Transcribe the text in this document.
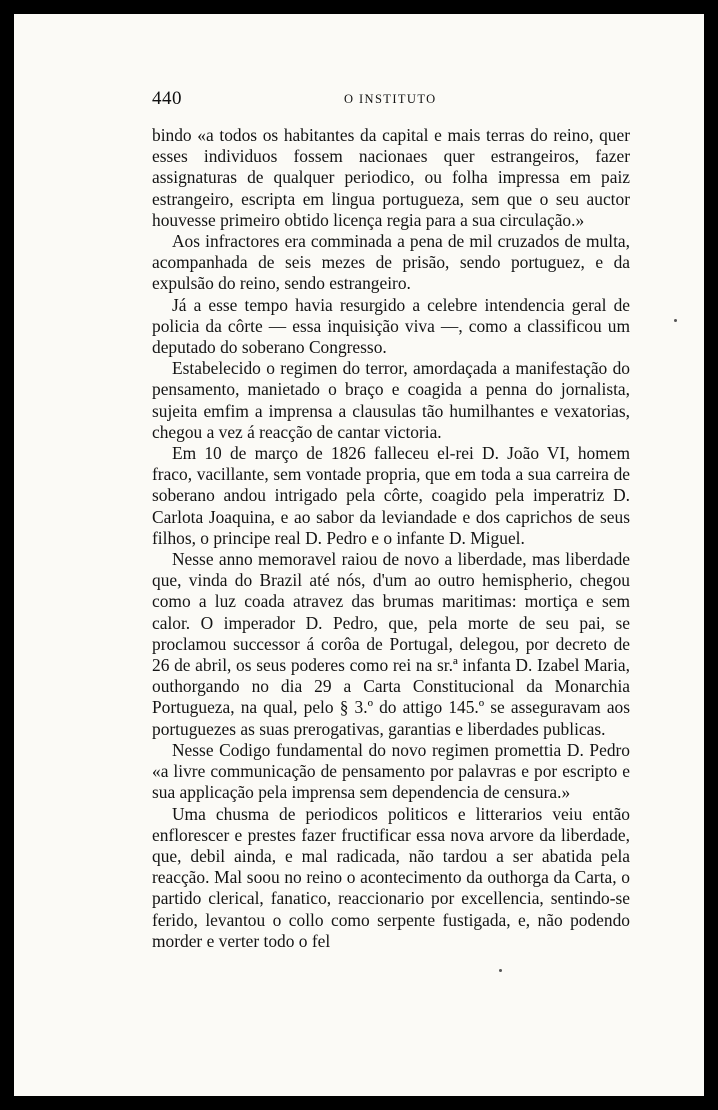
440	O INSTITUTO

bindo «a todos os habitantes da capital e mais terras do reino, quer esses individuos fossem nacionaes quer estrangeiros, fazer assignaturas de qualquer periodico, ou folha impressa em paiz estrangeiro, escripta em lingua portugueza, sem que o seu auctor houvesse primeiro obtido licença regia para a sua circulação.»

Aos infractores era comminada a pena de mil cruzados de multa, acompanhada de seis mezes de prisão, sendo portuguez, e da expulsão do reino, sendo estrangeiro.

Já a esse tempo havia resurgido a celebre intendencia geral de policia da côrte — essa inquisição viva —, como a classificou um deputado do soberano Congresso.

Estabelecido o regimen do terror, amordaçada a manifestação do pensamento, manietado o braço e coagida a penna do jornalista, sujeita emfim a imprensa a clausulas tão humilhantes e vexatorias, chegou a vez á reacção de cantar victoria.

Em 10 de março de 1826 falleceu el-rei D. João VI, homem fraco, vacillante, sem vontade propria, que em toda a sua carreira de soberano andou intrigado pela côrte, coagido pela imperatriz D. Carlota Joaquina, e ao sabor da leviandade e dos caprichos de seus filhos, o principe real D. Pedro e o infante D. Miguel.

Nesse anno memoravel raiou de novo a liberdade, mas liberdade que, vinda do Brazil até nós, d'um ao outro hemispherio, chegou como a luz coada atravez das brumas maritimas: mortiça e sem calor. O imperador D. Pedro, que, pela morte de seu pai, se proclamou successor á corôa de Portugal, delegou, por decreto de 26 de abril, os seus poderes como rei na sr.ª infanta D. Izabel Maria, outhorgando no dia 29 a Carta Constitucional da Monarchia Portugueza, na qual, pelo § 3.º do attigo 145.º se asseguravam aos portuguezes as suas prerogativas, garantias e liberdades publicas.

Nesse Codigo fundamental do novo regimen promettia D. Pedro «a livre communicação de pensamento por palavras e por escripto e sua applicação pela imprensa sem dependencia de censura.»

Uma chusma de periodicos politicos e litterarios veiu então enflorescer e prestes fazer fructificar essa nova arvore da liberdade, que, debil ainda, e mal radicada, não tardou a ser abatida pela reacção. Mal soou no reino o acontecimento da outhorga da Carta, o partido clerical, fanatico, reaccionario por excellencia, sentindo-se ferido, levantou o collo como serpente fustigada, e, não podendo morder e verter todo o fel
